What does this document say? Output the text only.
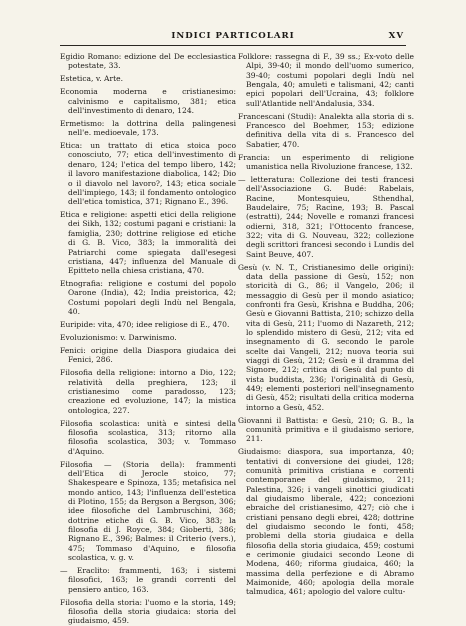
INDICI PARTICOLARI	XV

Egidio Romano: edizione del De ecclesiastica potestate, 33.

Estetica, v. Arte.

Economia moderna e cristianesimo: calvinismo e capitalismo, 381; etica dell'investimento di denaro, 124.

Ermetismo: la dottrina della palingenesi nell'e. medioevale, 173.

Etica: un trattato di etica stoica poco conosciuto, 77; etica dell'investimento di denaro, 124; l'etica del tempo libero, 142; il lavoro manifestazione diabolica, 142; Dio o il diavolo nel lavoro?, 143; etica sociale dell'impiego, 143; il fondamento ontologico dell'etica tomistica, 371; Rignano E., 396.

Etica e religione: aspetti etici della religione dei Sikh, 132; costumi pagani e cristiani: la famiglia, 230; dottrine religiose ed etiche di G. B. Vico, 383; la immoralità dei Patriarchi come spiegata dall'esegesi cristiana, 447; influenza del Manuale di Epitteto nella chiesa cristiana, 470.

Etnografia: religione e costumi del popolo Oarone (India), 42; India preistorica, 42; Costumi popolari degli Indù nel Bengala, 40.

Euripide: vita, 470; idee religiose di E., 470.

Evoluzionismo: v. Darwinismo.

Fenici: origine della Diaspora giudaica dei Fenici, 286.

Filosofia della religione: intorno a Dio, 122; relatività della preghiera, 123; il cristianesimo come paradosso, 123; creazione ed evoluzione, 147; la mistica ontologica, 227.

Filosofia scolastica: unità e sintesi della filosofia scolastica, 313; ritorno alla filosofia scolastica, 303; v. Tommaso d'Aquino.

Filosofia — (Storia della): frammenti dell'Etica di Jerocle stoico, 77; Shakespeare e Spinoza, 135; metafisica nel mondo antico, 143; l'influenza dell'estetica di Plotino, 155; da Bergson a Bergson, 306; idee filosofiche del Lambruschini, 368; dottrine etiche di G. B. Vico, 383; la filosofia di J. Royce, 384; Gioberti, 386; Rignano E., 396; Balmes: il Criterio (vers.), 475; Tommaso d'Aquino, e filosofia scolastica, v. g. v.

— Eraclito: frammenti, 163; i sistemi filosofici, 163; le grandi correnti del pensiero antico, 163.

Filosofia della storia: l'uomo e la storia, 149; filosofia della storia giudaica: storia del giudaismo, 459.

Folklore: rassegna di F., 39 ss.; Ex-voto delle Alpi, 39-40; il mondo dell'uomo sumerico, 39-40; costumi popolari degli Indù nel Bengala, 40; amuleti e talismani, 42; canti epici popolari dell'Ucraina, 43; folklore sull'Atlantide nell'Andalusia, 334.

Francescani (Studi): Analekta alla storia di s. Francesco del Boehmer, 153; edizione definitiva della vita di s. Francesco del Sabatier, 470.

Francia: un esperimento di religione umanistica nella Rivoluzione francese, 132.

— letteratura: Collezione dei testi francesi dell'Associazione G. Budé: Rabelais, Racine, Montesquieu, Sthendhal, Baudelaire, 75; Racine, 193; B. Pascal (estratti), 244; Novelle e romanzi francesi odierni, 318, 321; l'Ottocento francese, 322; vita di G. Nouveau, 322; collezione degli scrittori francesi secondo i Lundis del Saint Beuve, 407.

Gesù (v. N. T., Cristianesimo delle origini): data della passione di Gesù, 152; non storicità di G., 86; il Vangelo, 206; il messaggio di Gesù per il mondo asiatico; confronti fra Gesù, Krishna e Buddha, 206; Gesù e Giovanni Battista, 210; schizzo della vita di Gesù, 211; l'uomo di Nazareth, 212; lo splendido mistero di Gesù, 212; vita ed insegnamento di G. secondo le parole scelte dai Vangeli, 212; nuova teoria sui viaggi di Gesù, 212; Gesù e il dramma del Signore, 212; critica di Gesù dal punto di vista buddista, 236; l'originalità di Gesù, 449; elementi posteriori nell'insegnamento di Gesù, 452; risultati della critica moderna intorno a Gesù, 452.

Giovanni il Battista: e Gesù, 210; G. B., la comunità primitiva e il giudaismo seriore, 211.

Giudaismo: diaspora, sua importanza, 40; tentativi di conversione dei giudei, 128; comunità primitiva cristiana e correnti contemporanee del giudaismo, 211; Palestina, 326; i vangeli sinottici giudicati dal giudaismo liberale, 422; concezioni ebraiche del cristianesimo, 427; ciò che i cristiani pensano degli ebrei, 428; dottrine del giudaismo secondo le fonti, 458; problemi della storia giudaica e della filosofia della storia giudaica, 459; costumi e cerimonie giudaici secondo Leone di Modena, 460; riforma giudaica, 460; la massima della perfezione e di Abramo Maimonide, 460; apologia della morale talmudica, 461; apologio del valore cultu-
